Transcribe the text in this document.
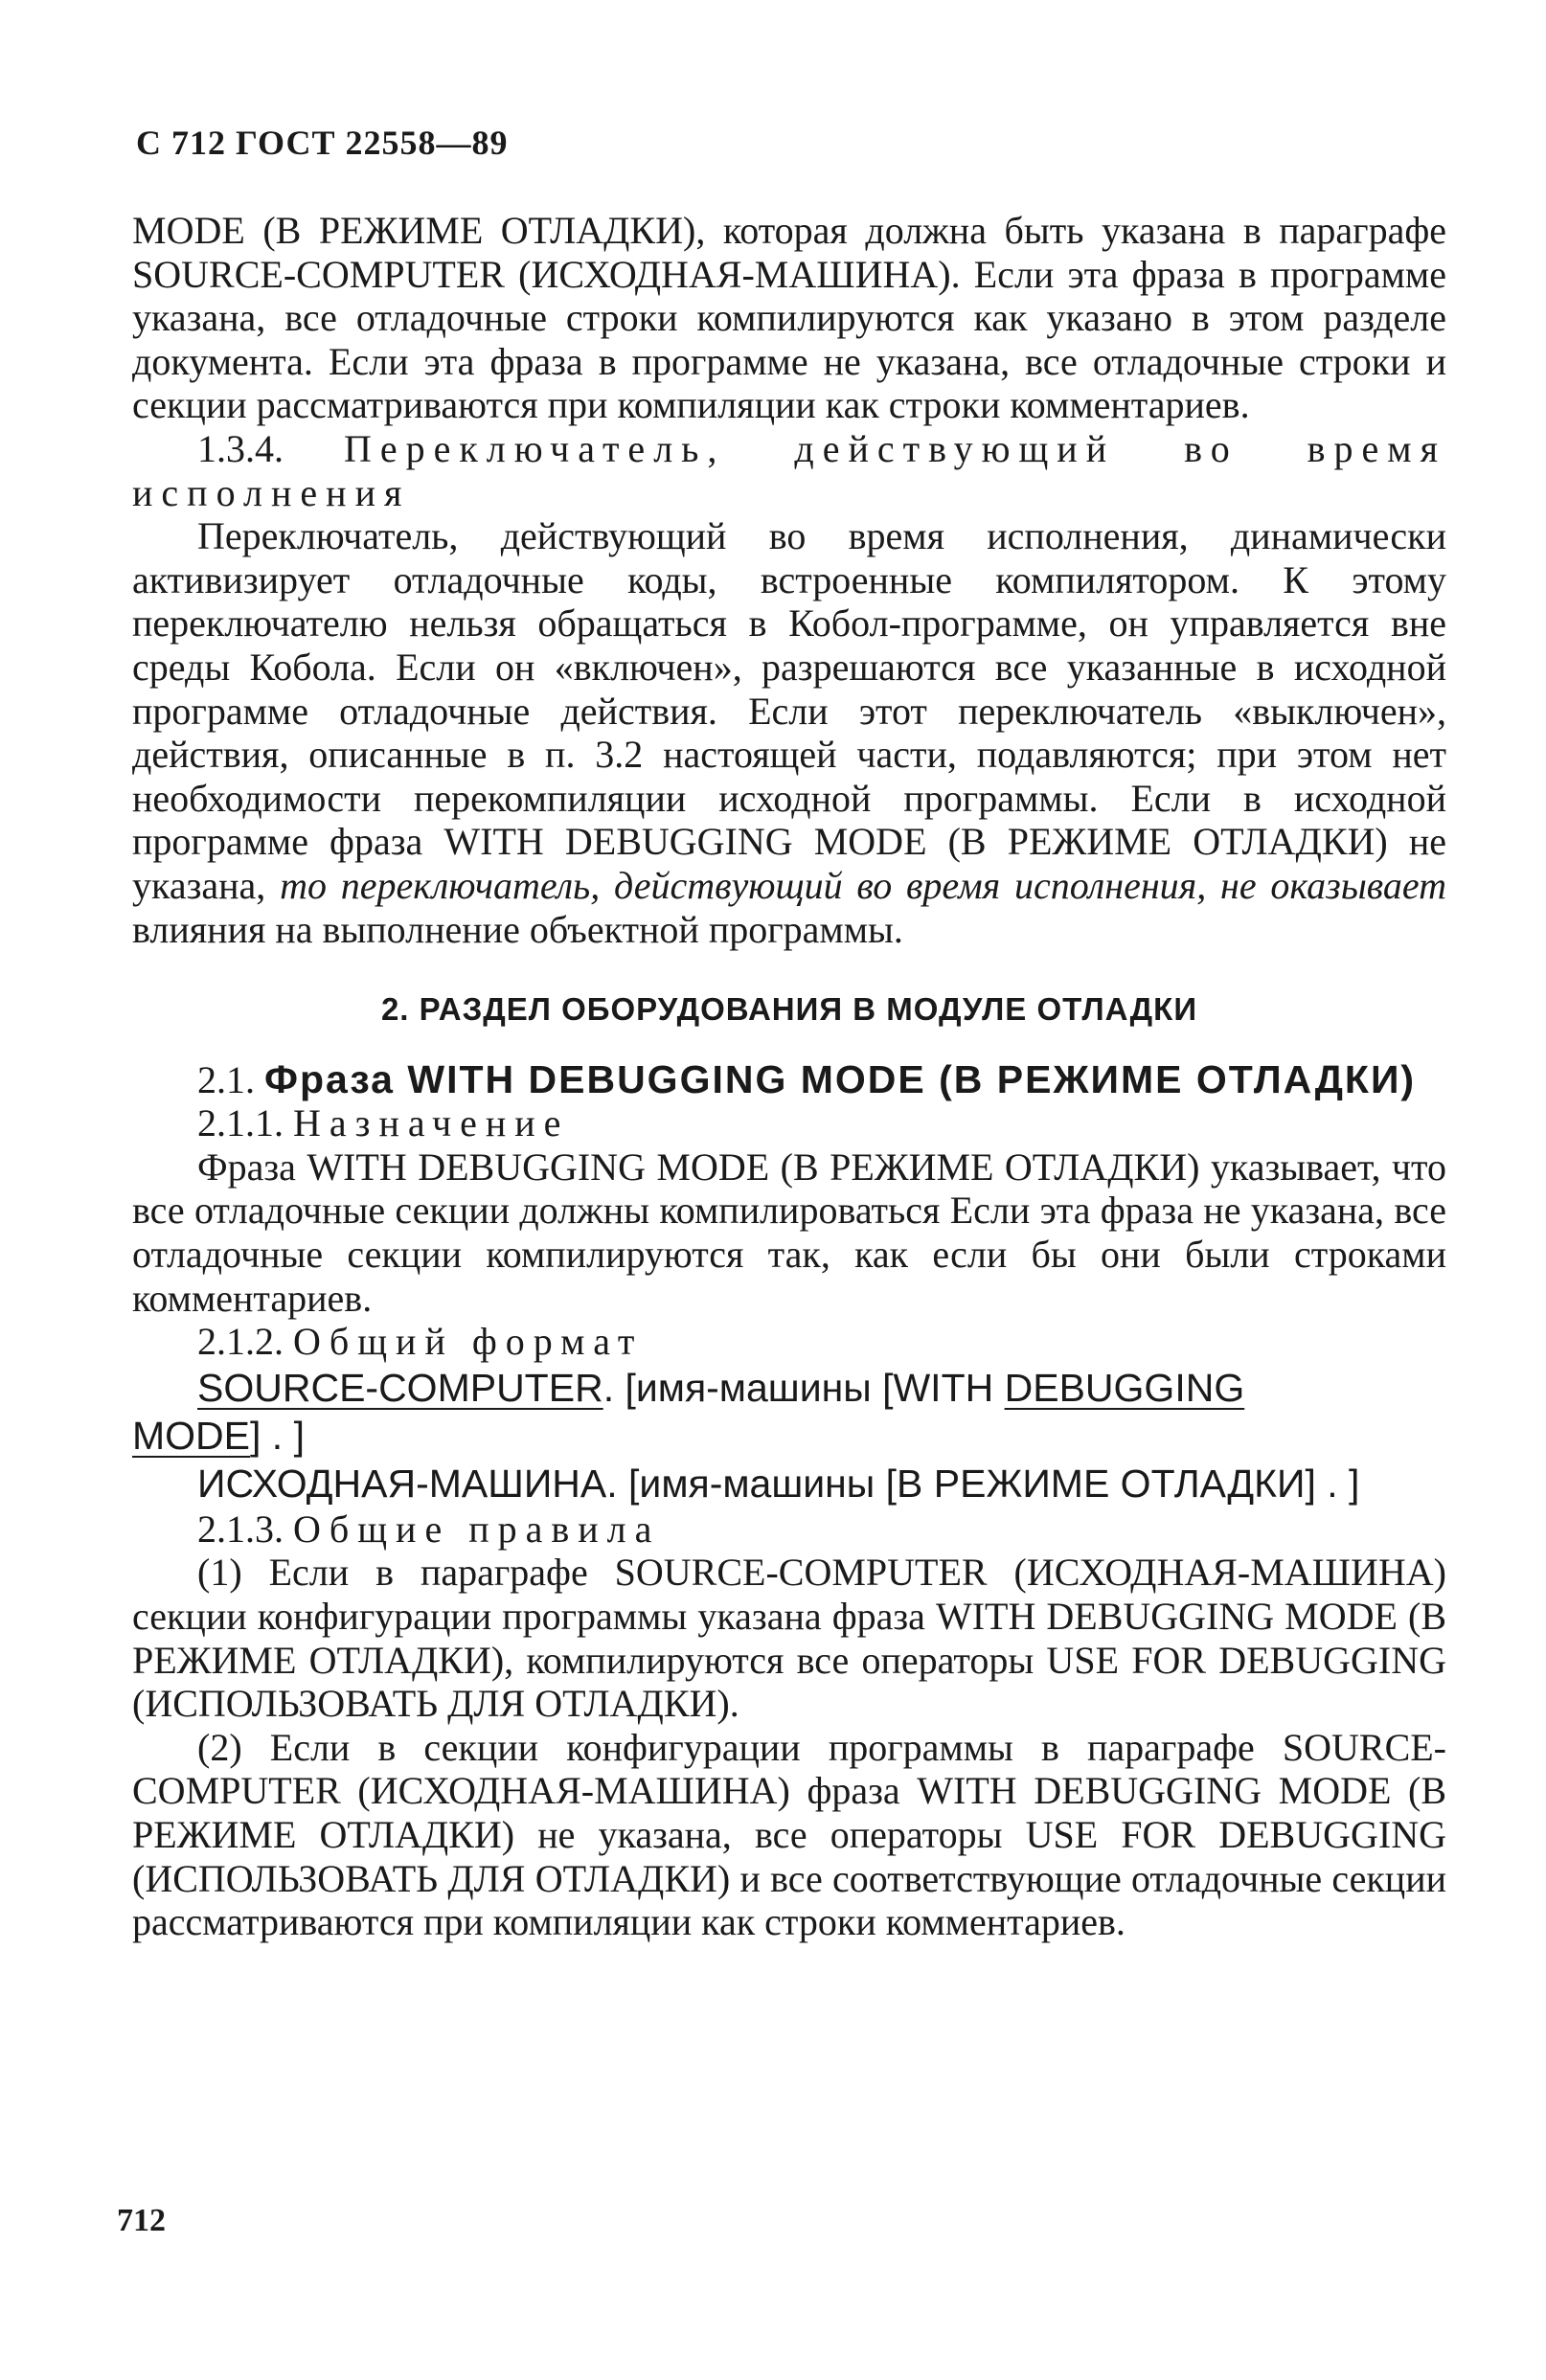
С 712 ГОСТ 22558—89

MODE (В РЕЖИМЕ ОТЛАДКИ), которая должна быть указана в параграфе SOURCE-COMPUTER (ИСХОДНАЯ-МАШИНА). Если эта фраза в программе указана, все отладочные строки компилируются как указано в этом разделе документа. Если эта фраза в программе не указана, все отладочные строки и секции рассматриваются при компиляции как строки комментариев.

1.3.4. Переключатель, действующий во время исполнения

Переключатель, действующий во время исполнения, динамически активизирует отладочные коды, встроенные компилятором. К этому переключателю нельзя обращаться в Кобол-программе, он управляется вне среды Кобола. Если он «включен», разрешаются все указанные в исходной программе отладочные действия. Если этот переключатель «выключен», действия, описанные в п. 3.2 настоящей части, подавляются; при этом нет необходимости перекомпиляции исходной программы. Если в исходной программе фраза WITH DEBUGGING MODE (В РЕЖИМЕ ОТЛАДКИ) не указана, то переключатель, действующий во время исполнения, не оказывает влияния на выполнение объектной программы.

2. РАЗДЕЛ ОБОРУДОВАНИЯ В МОДУЛЕ ОТЛАДКИ

2.1. Фраза WITH DEBUGGING MODE (В РЕЖИМЕ ОТЛАДКИ)

2.1.1. Назначение

Фраза WITH DEBUGGING MODE (В РЕЖИМЕ ОТЛАДКИ) указывает, что все отладочные секции должны компилироваться Если эта фраза не указана, все отладочные секции компилируются так, как если бы они были строками комментариев.

2.1.2. Общий формат

SOURCE-COMPUTER. [имя-машины [WITH DEBUGGING

MODE] . ]

ИСХОДНАЯ-МАШИНА. [имя-машины [В РЕЖИМЕ ОТЛАДКИ] . ]

2.1.3. Общие правила

(1) Если в параграфе SOURCE-COMPUTER (ИСХОДНАЯ-МАШИНА) секции конфигурации программы указана фраза WITH DEBUGGING MODE (В РЕЖИМЕ ОТЛАДКИ), компилируются все операторы USE FOR DEBUGGING (ИСПОЛЬЗОВАТЬ ДЛЯ ОТЛАДКИ).

(2) Если в секции конфигурации программы в параграфе SOURCE-COMPUTER (ИСХОДНАЯ-МАШИНА) фраза WITH DEBUGGING MODE (В РЕЖИМЕ ОТЛАДКИ) не указана, все операторы USE FOR DEBUGGING (ИСПОЛЬЗОВАТЬ ДЛЯ ОТЛАДКИ) и все соответствующие отладочные секции рассматриваются при компиляции как строки комментариев.

712
